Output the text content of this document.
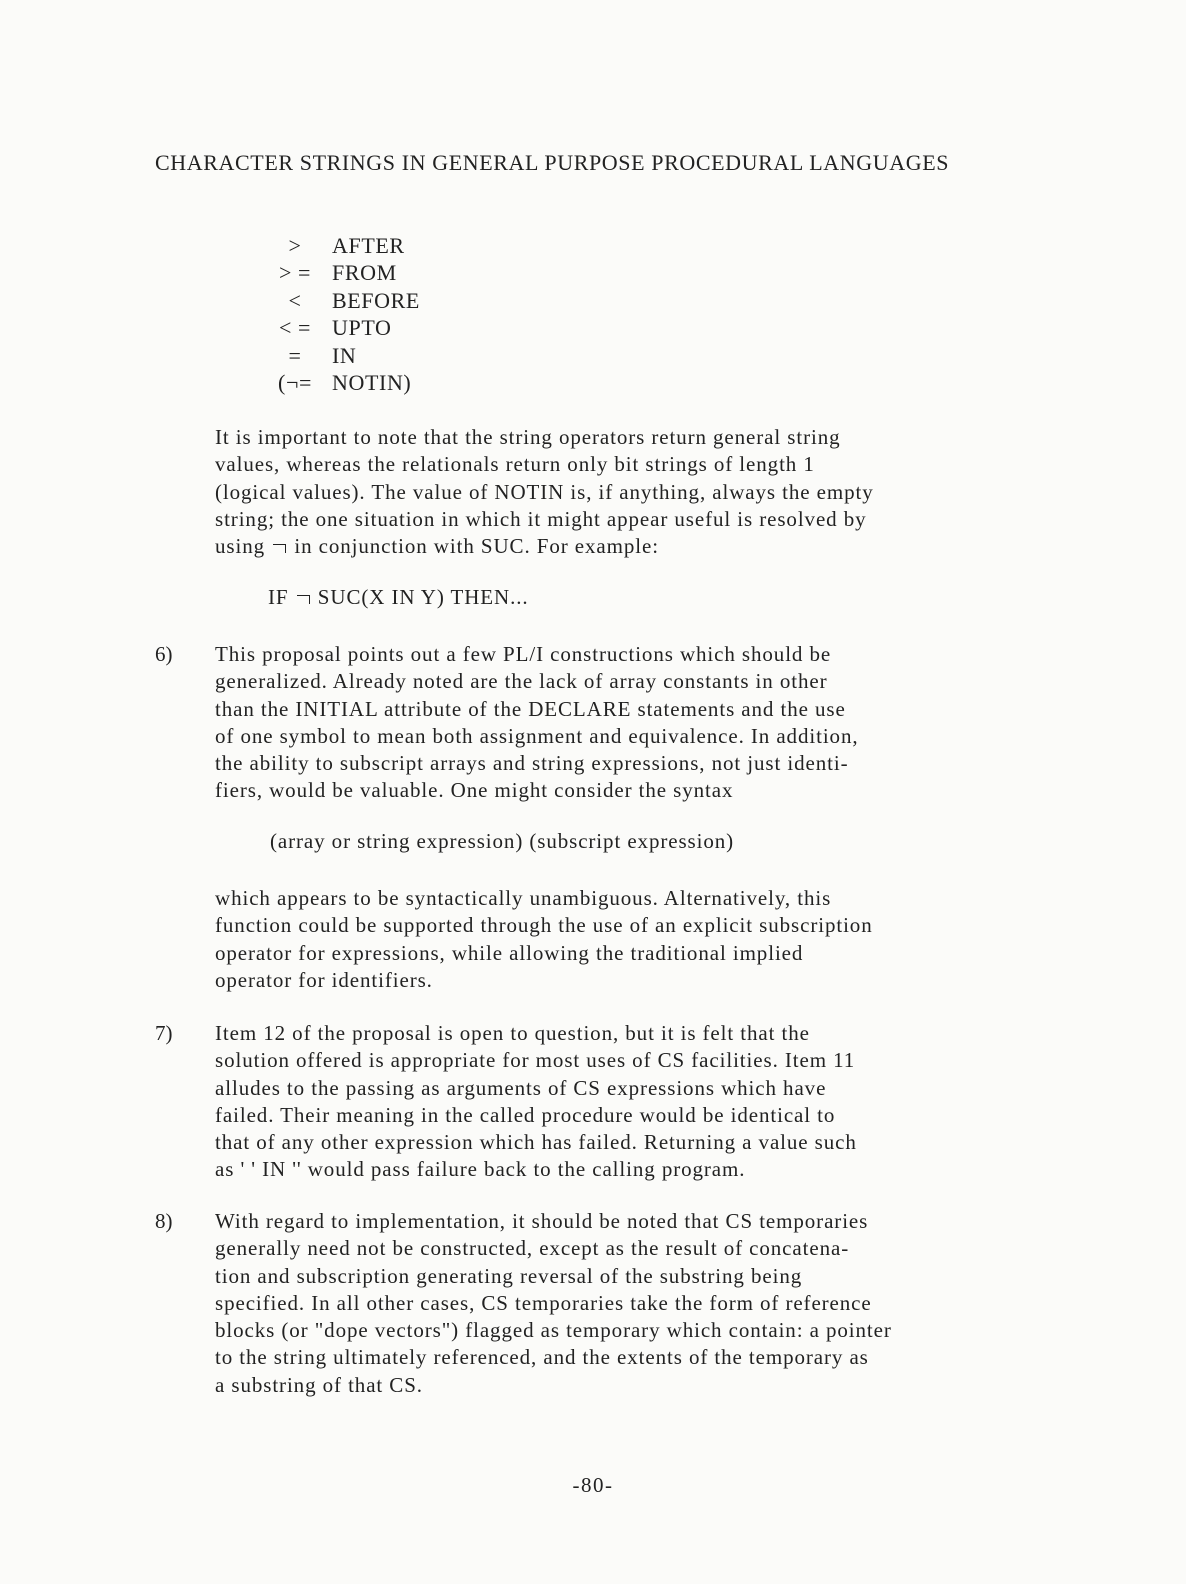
CHARACTER STRINGS IN GENERAL PURPOSE PROCEDURAL LANGUAGES
>	AFTER
> = FROM
<	BEFORE
< = UPTO
=	IN
(¬= NOTIN)
It is important to note that the string operators return general string
values, whereas the relationals return only bit strings of length 1
(logical values). The value of NOTIN is, if anything, always the empty
string; the one situation in which it might appear useful is resolved by
using in conjunction with SUC. For example:
IF SUC(X IN Y) THEN...
6) This proposal points out a few PL/I constructions which should be
generalized. Already noted are the lack of array constants in other
than the INITIAL attribute of the DECLARE statements and the use
of one symbol to mean both assignment and equivalence. In addition,
the ability to subscript arrays and string expressions, not just identi-
fiers, would be valuable. One might consider the syntax
(array or string expression) (subscript expression)
which appears to be syntactically unambiguous. Alternatively, this
function could be supported through the use of an explicit subscription
operator for expressions, while allowing the traditional implied
operator for identifiers.
7) Item 12 of the proposal is open to question, but it is felt that the
solution offered is appropriate for most uses of CS facilities. Item 11
alludes to the passing as arguments of CS expressions which have
failed. Their meaning in the called procedure would be identical to
that of any other expression which has failed. Returning a value such
as ' ' IN '' would pass failure back to the calling program.
8) With regard to implementation, it should be noted that CS temporaries
generally need not be constructed, except as the result of concatena-
tion and subscription generating reversal of the substring being
specified. In all other cases, CS temporaries take the form of reference
blocks (or "dope vectors") flagged as temporary which contain: a pointer
to the string ultimately referenced, and the extents of the temporary as
a substring of that CS.
-80-
